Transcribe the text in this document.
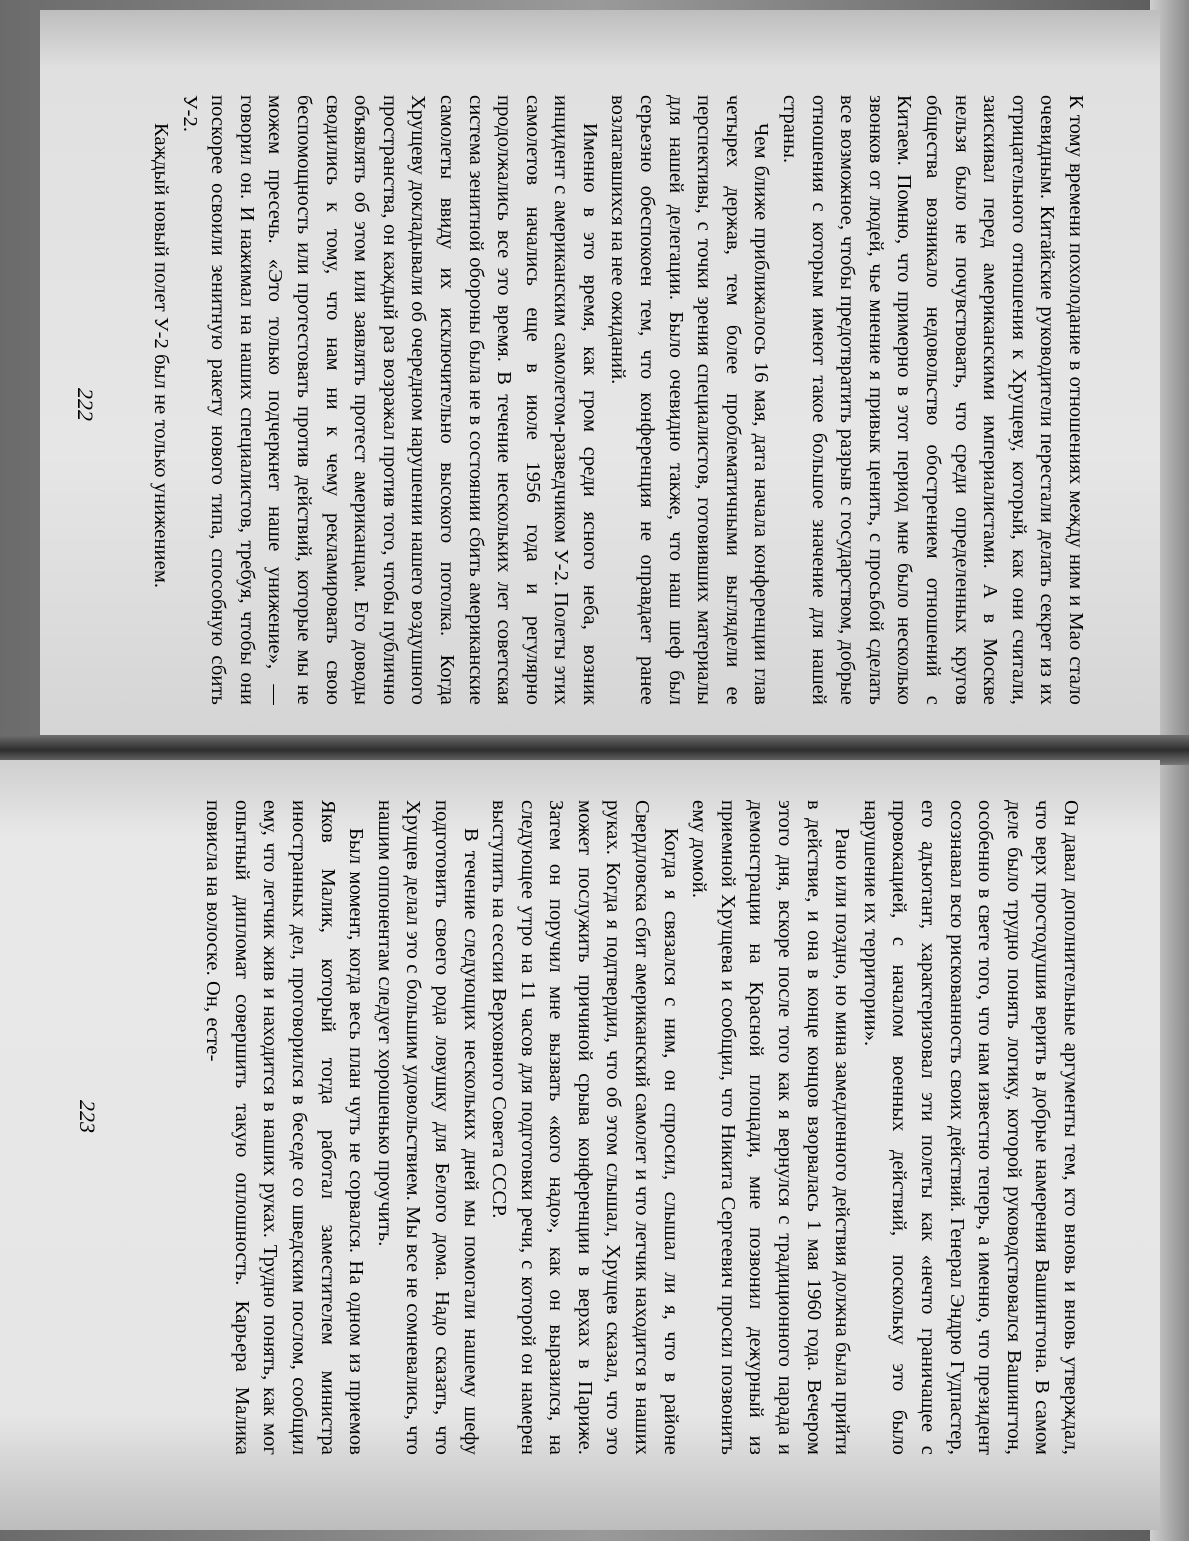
К тому времени похолодание в отношениях между ним и Мао стало очевидным. Китайские руководители перестали делать секрет из их отрицательного отношения к Хрущеву, который, как они считали, заискивал перед американскими империалистами. А в Москве нельзя было не почувствовать, что среди определенных кругов общества возникало недовольство обострением отношений с Китаем. Помню, что примерно в этот период мне было несколько звонков от людей, чье мнение я привык ценить, с просьбой сделать все возможное, чтобы предотвратить разрыв с государством, добрые отношения с которым имеют такое большое значение для нашей страны.

Чем ближе приближалось 16 мая, дата начала конференции глав четырех держав, тем более проблематичными выглядели ее перспективы, с точки зрения специалистов, готовивших материалы для нашей делегации. Было очевидно также, что наш шеф был серьезно обеспокоен тем, что конференция не оправдает ранее возлагавшихся на нее ожиданий.

Именно в это время, как гром среди ясного неба, возник инцидент с американским самолетом-разведчиком У-2. Полеты этих самолетов начались еще в июле 1956 года и регулярно продолжались все это время. В течение нескольких лет советская система зенитной обороны была не в состоянии сбить американские самолеты ввиду их исключительно высокого потолка. Когда Хрущеву докладывали об очередном нарушении нашего воздушного пространства, он каждый раз возражал против того, чтобы публично объявлять об этом или заявлять протест американцам. Его доводы сводились к тому, что нам ни к чему рекламировать свою беспомощность или протестовать против действий, которые мы не можем пресечь. «Это только подчеркнет наше унижение», — говорил он. И нажимал на наших специалистов, требуя, чтобы они поскорее освоили зенитную ракету нового типа, способную сбить У-2.

Каждый новый полет У-2 был не только унижением.

222

Он давал дополнительные аргументы тем, кто вновь и вновь утверждал, что верх простодушия верить в добрые намерения Вашингтона. В самом деле было трудно понять логику, которой руководствовался Вашингтон, особенно в свете того, что нам известно теперь, а именно, что президент осознавал всю рискованность своих действий. Генерал Эндрю Гудпастер, его адъютант, характеризовал эти полеты как «нечто граничащее с провокацией, с началом военных действий, поскольку это было нарушение их территории».

Рано или поздно, но мина замедленного действия должна была прийти в действие, и она в конце концов взорвалась 1 мая 1960 года. Вечером этого дня, вскоре после того как я вернулся с традиционного парада и демонстрации на Красной площади, мне позвонил дежурный из приемной Хрущева и сообщил, что Никита Сергеевич просил позвонить ему домой.

Когда я связался с ним, он спросил, слышал ли я, что в районе Свердловска сбит американский самолет и что летчик находится в наших руках. Когда я подтвердил, что об этом слышал, Хрущев сказал, что это может послужить причиной срыва конференции в верхах в Париже. Затем он поручил мне вызвать «кого надо», как он выразился, на следующее утро на 11 часов для подготовки речи, с которой он намерен выступить на сессии Верховного Совета СССР.

В течение следующих нескольких дней мы помогали нашему шефу подготовить своего рода ловушку для Белого дома. Надо сказать, что Хрущев делал это с большим удовольствием. Мы все не сомневались, что нашим оппонентам следует хорошенько проучить.

Был момент, когда весь план чуть не сорвался. На одном из приемов Яков Малик, который тогда работал заместителем министра иностранных дел, проговорился в беседе со шведским послом, сообщил ему, что летчик жив и находится в наших руках. Трудно понять, как мог опытный дипломат совершить такую оплошность. Карьера Малика повисла на волоске. Он, есте-

223
